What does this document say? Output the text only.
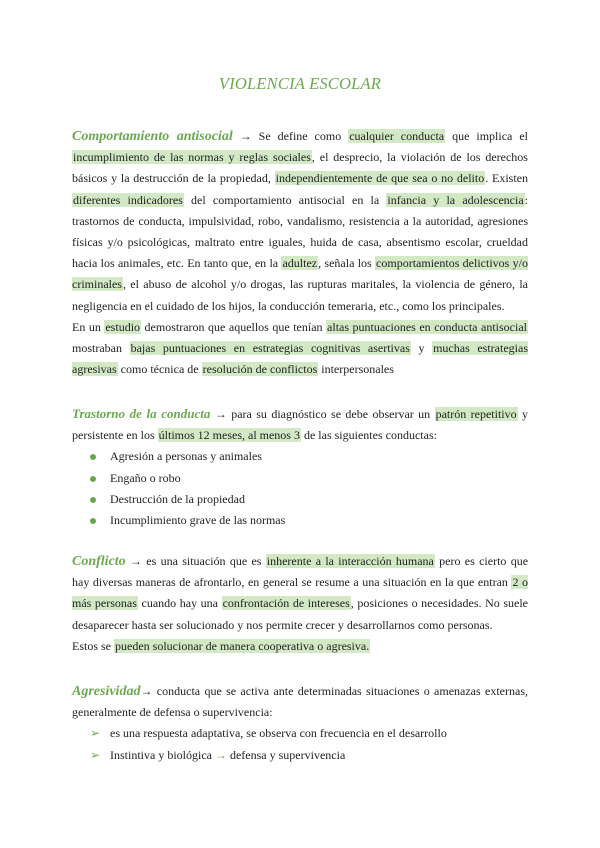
VIOLENCIA ESCOLAR

Comportamiento antisocial → Se define como cualquier conducta que implica el incumplimiento de las normas y reglas sociales, el desprecio, la violación de los derechos básicos y la destrucción de la propiedad, independientemente de que sea o no delito. Existen diferentes indicadores del comportamiento antisocial en la infancia y la adolescencia: trastornos de conducta, impulsividad, robo, vandalismo, resistencia a la autoridad, agresiones físicas y/o psicológicas, maltrato entre iguales, huida de casa, absentismo escolar, crueldad hacia los animales, etc. En tanto que, en la adultez, señala los comportamientos delictivos y/o criminales, el abuso de alcohol y/o drogas, las rupturas maritales, la violencia de género, la negligencia en el cuidado de los hijos, la conducción temeraria, etc., como los principales.

En un estudio demostraron que aquellos que tenían altas puntuaciones en conducta antisocial mostraban bajas puntuaciones en estrategias cognitivas asertivas y muchas estrategias agresivas como técnica de resolución de conflictos interpersonales

Trastorno de la conducta → para su diagnóstico se debe observar un patrón repetitivo y persistente en los últimos 12 meses, al menos 3 de las siguientes conductas:

Agresión a personas y animales
Engaño o robo
Destrucción de la propiedad
Incumplimiento grave de las normas

Conflicto → es una situación que es inherente a la interacción humana pero es cierto que hay diversas maneras de afrontarlo, en general se resume a una situación en la que entran 2 o más personas cuando hay una confrontación de intereses, posiciones o necesidades. No suele desaparecer hasta ser solucionado y nos permite crecer y desarrollarnos como personas.

Estos se pueden solucionar de manera cooperativa o agresiva.

Agresividad→ conducta que se activa ante determinadas situaciones o amenazas externas, generalmente de defensa o supervivencia:

➢ es una respuesta adaptativa, se observa con frecuencia en el desarrollo
➢ Instintiva y biológica → defensa y supervivencia
